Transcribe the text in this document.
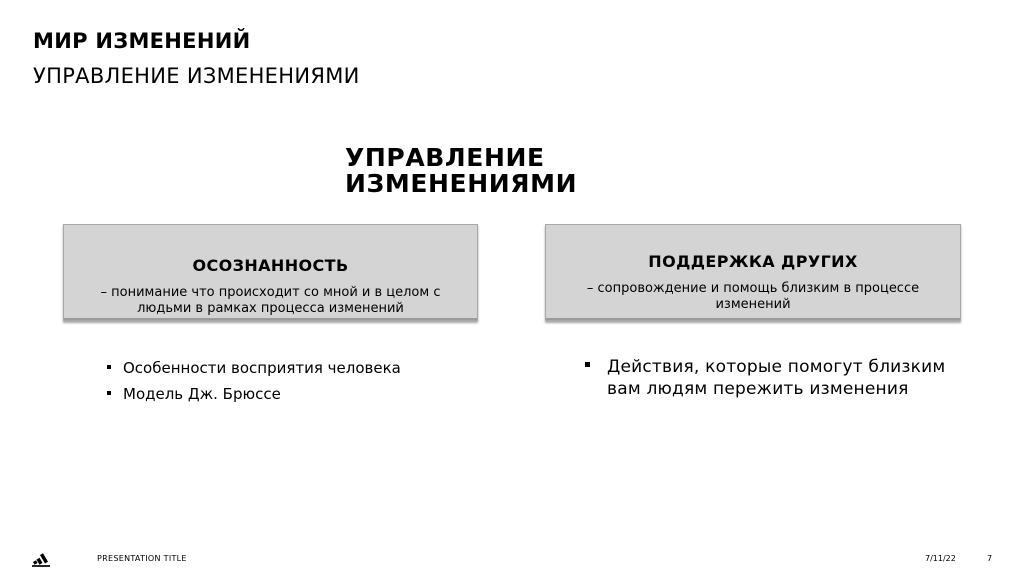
МИР ИЗМЕНЕНИЙ
УПРАВЛЕНИЕ ИЗМЕНЕНИЯМИ
УПРАВЛЕНИЕ ИЗМЕНЕНИЯМИ
ОСОЗНАННОСТЬ
– понимание что происходит со мной и в целом с людьми в рамках процесса изменений
ПОДДЕРЖКА ДРУГИХ
– сопровождение и помощь близким в процессе изменений
Особенности восприятия человека
Модель Дж. Брюссе
Действия, которые помогут близким вам людям пережить изменения
PRESENTATION TITLE	7/11/22	7
